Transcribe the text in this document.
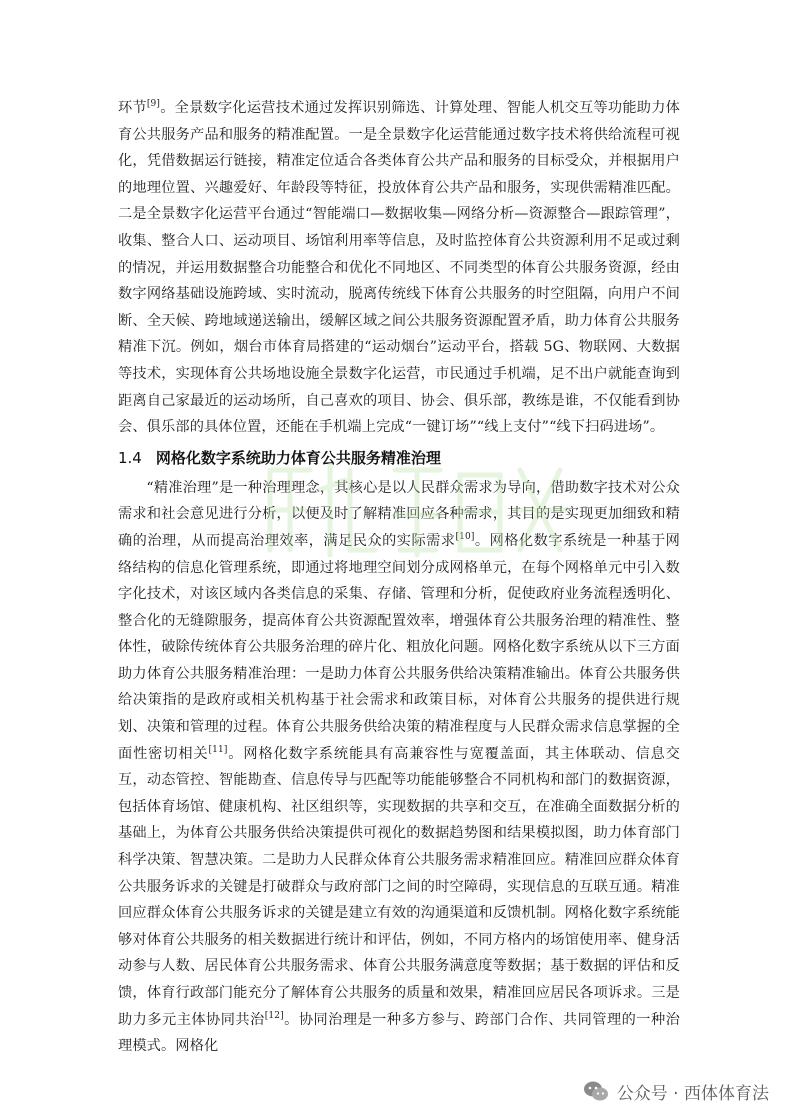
环节[9]。全景数字化运营技术通过发挥识别筛选、计算处理、智能人机交互等功能助力体育公共服务产品和服务的精准配置。一是全景数字化运营能通过数字技术将供给流程可视化，凭借数据运行链接，精准定位适合各类体育公共产品和服务的目标受众，并根据用户的地理位置、兴趣爱好、年龄段等特征，投放体育公共产品和服务，实现供需精准匹配。二是全景数字化运营平台通过“智能端口—数据收集—网络分析—资源整合—跟踪管理”，收集、整合人口、运动项目、场馆利用率等信息，及时监控体育公共资源利用不足或过剩的情况，并运用数据整合功能整合和优化不同地区、不同类型的体育公共服务资源，经由数字网络基础设施跨域、实时流动，脱离传统线下体育公共服务的时空阻隔，向用户不间断、全天候、跨地域递送输出，缓解区域之间公共服务资源配置矛盾，助力体育公共服务精准下沉。例如，烟台市体育局搭建的“运动烟台”运动平台，搭载 5G、物联网、大数据等技术，实现体育公共场地设施全景数字化运营，市民通过手机端，足不出户就能查询到距离自己家最近的运动场所，自己喜欢的项目、协会、俱乐部，教练是谁，不仅能看到协会、俱乐部的具体位置，还能在手机端上完成“一键订场”“线上支付”“线下扫码进场”。

1.4 网格化数字系统助力体育公共服务精准治理

“精准治理”是一种治理理念，其核心是以人民群众需求为导向，借助数字技术对公众需求和社会意见进行分析，以便及时了解精准回应各种需求，其目的是实现更加细致和精确的治理，从而提高治理效率，满足民众的实际需求[10]。网格化数字系统是一种基于网络结构的信息化管理系统，即通过将地理空间划分成网格单元，在每个网格单元中引入数字化技术，对该区域内各类信息的采集、存储、管理和分析，促使政府业务流程透明化、整合化的无缝隙服务，提高体育公共资源配置效率，增强体育公共服务治理的精准性、整体性，破除传统体育公共服务治理的碎片化、粗放化问题。网格化数字系统从以下三方面助力体育公共服务精准治理：一是助力体育公共服务供给决策精准输出。体育公共服务供给决策指的是政府或相关机构基于社会需求和政策目标，对体育公共服务的提供进行规划、决策和管理的过程。体育公共服务供给决策的精准程度与人民群众需求信息掌握的全面性密切相关[11]。网格化数字系统能具有高兼容性与宽覆盖面，其主体联动、信息交互，动态管控、智能勘查、信息传导与匹配等功能能够整合不同机构和部门的数据资源，包括体育场馆、健康机构、社区组织等，实现数据的共享和交互，在准确全面数据分析的基础上，为体育公共服务供给决策提供可视化的数据趋势图和结果模拟图，助力体育部门科学决策、智慧决策。二是助力人民群众体育公共服务需求精准回应。精准回应群众体育公共服务诉求的关键是打破群众与政府部门之间的时空障碍，实现信息的互联互通。精准回应群众体育公共服务诉求的关键是建立有效的沟通渠道和反馈机制。网格化数字系统能够对体育公共服务的相关数据进行统计和评估，例如，不同方格内的场馆使用率、健身活动参与人数、居民体育公共服务需求、体育公共服务满意度等数据；基于数据的评估和反馈，体育行政部门能充分了解体育公共服务的质量和效果，精准回应居民各项诉求。三是助力多元主体协同共治[12]。协同治理是一种多方参与、跨部门合作、共同管理的一种治理模式。网格化

公众号 · 西体体育法
